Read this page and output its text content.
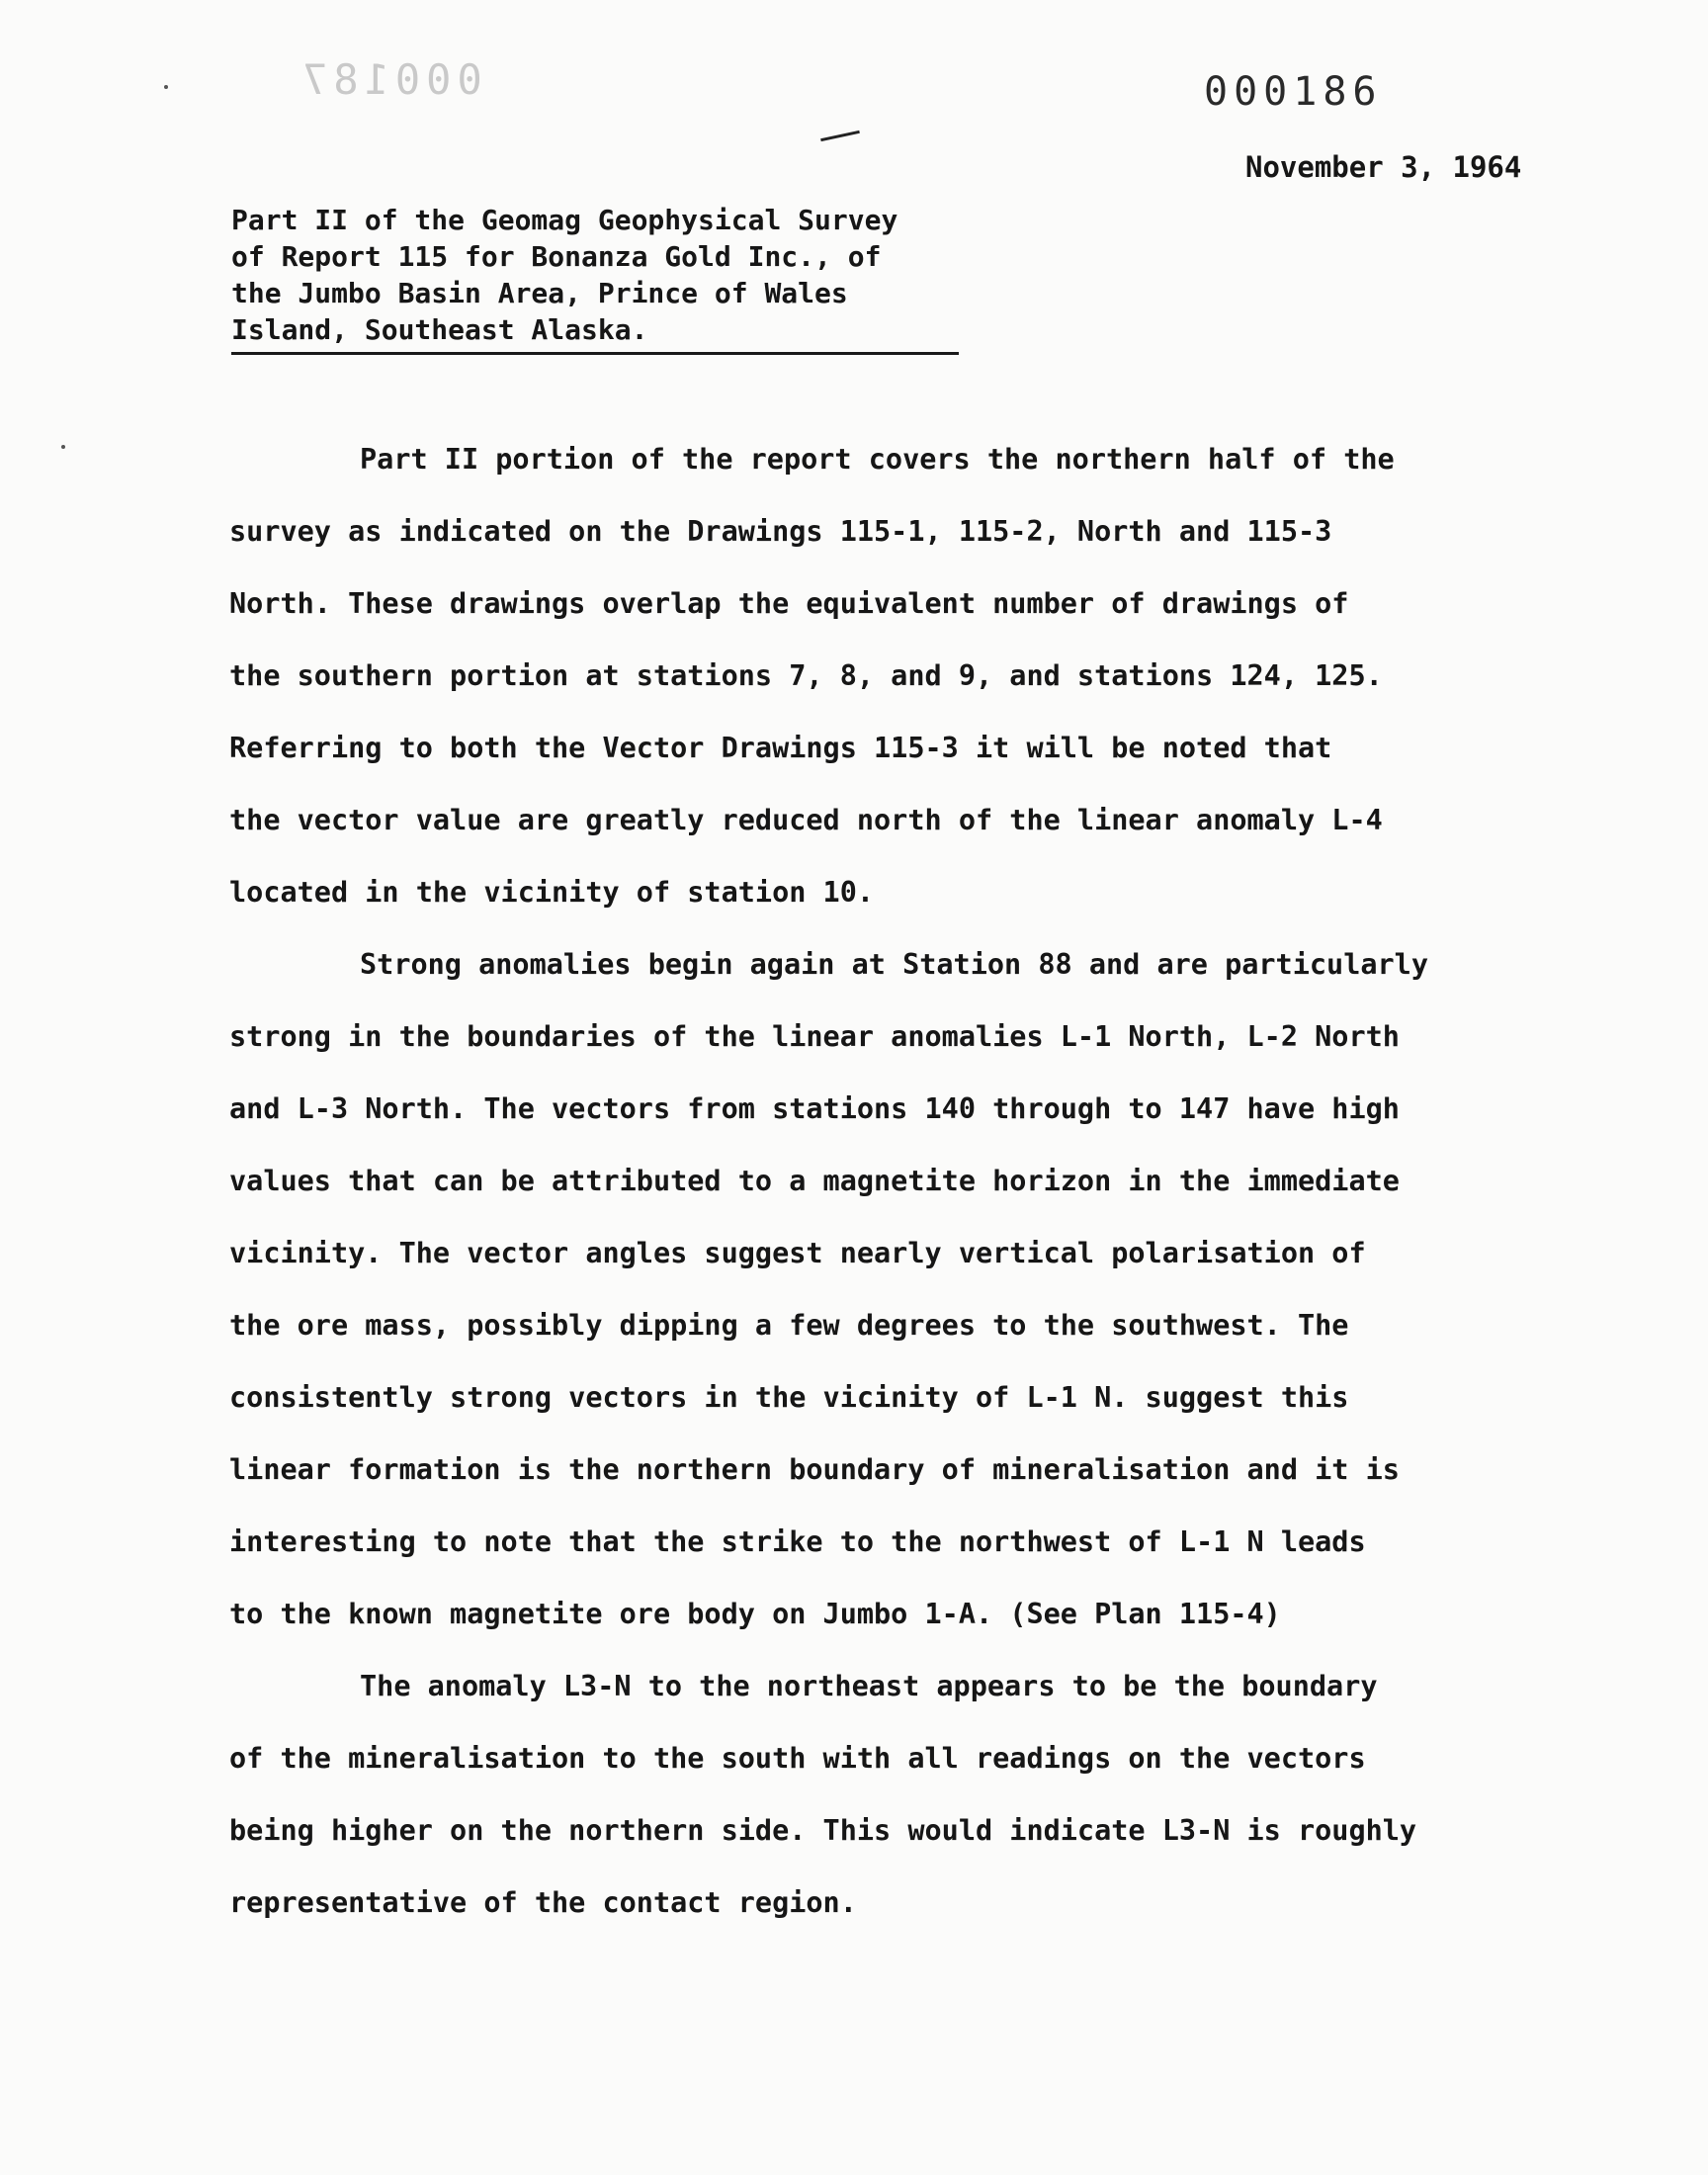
000187	000186
November 3, 1964
Part II of the Geomag Geophysical Survey
of Report 115 for Bonanza Gold Inc., of
the Jumbo Basin Area, Prince of Wales
Island, Southeast Alaska.

Part II portion of the report covers the northern half of the
survey as indicated on the Drawings 115-1, 115-2, North and 115-3
North. These drawings overlap the equivalent number of drawings of
the southern portion at stations 7, 8, and 9, and stations 124, 125.
Referring to both the Vector Drawings 115-3 it will be noted that
the vector value are greatly reduced north of the linear anomaly L-4
located in the vicinity of station 10.

Strong anomalies begin again at Station 88 and are particularly
strong in the boundaries of the linear anomalies L-1 North, L-2 North
and L-3 North. The vectors from stations 140 through to 147 have high
values that can be attributed to a magnetite horizon in the immediate
vicinity. The vector angles suggest nearly vertical polarisation of
the ore mass, possibly dipping a few degrees to the southwest. The
consistently strong vectors in the vicinity of L-1 N. suggest this
linear formation is the northern boundary of mineralisation and it is
interesting to note that the strike to the northwest of L-1 N leads
to the known magnetite ore body on Jumbo 1-A. (See Plan 115-4)

The anomaly L3-N to the northeast appears to be the boundary
of the mineralisation to the south with all readings on the vectors
being higher on the northern side. This would indicate L3-N is roughly
representative of the contact region.
